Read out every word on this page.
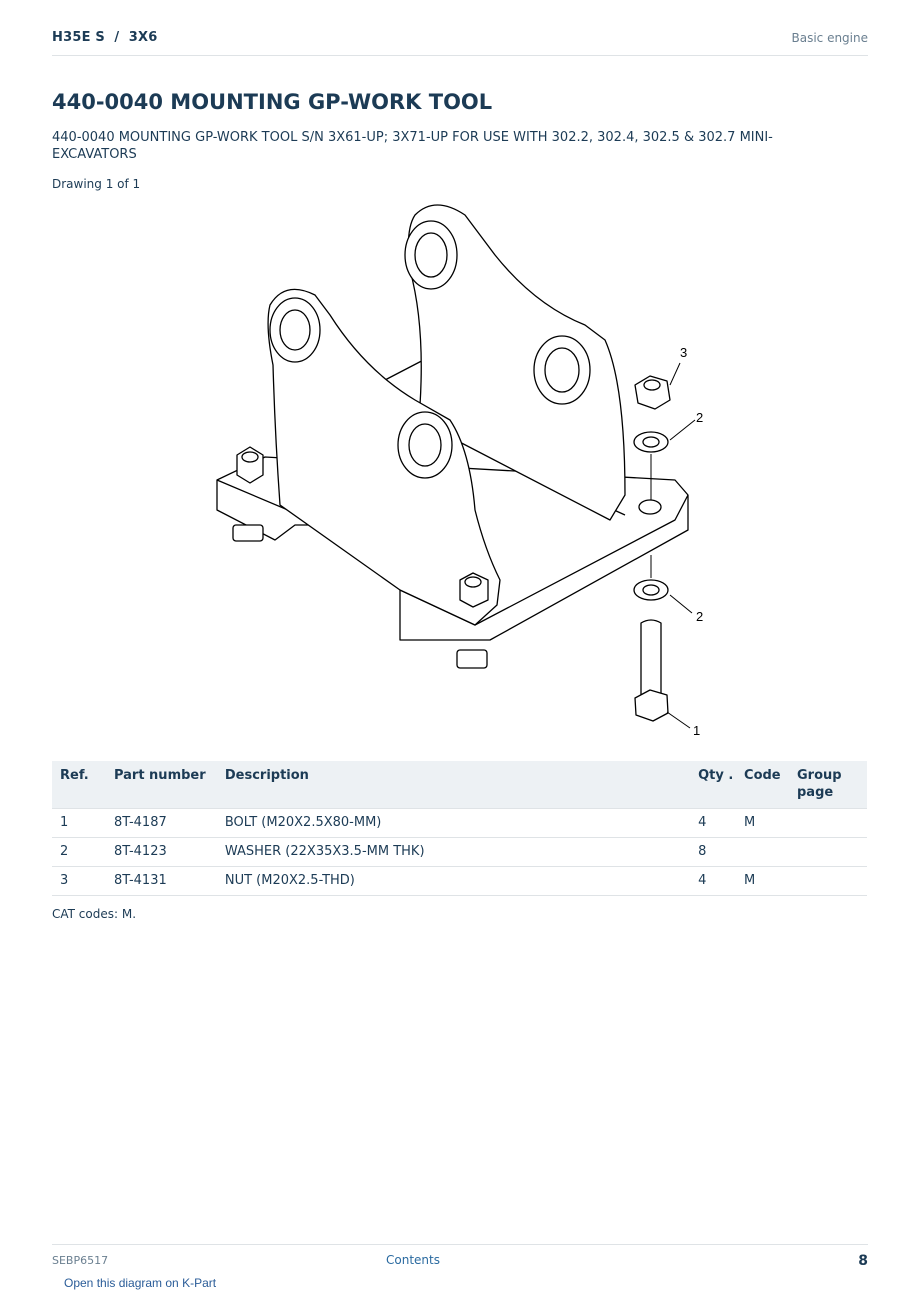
H35E S  /  3X6	Basic engine
440-0040 MOUNTING GP-WORK TOOL
440-0040 MOUNTING GP-WORK TOOL S/N 3X61-UP; 3X71-UP FOR USE WITH 302.2, 302.4, 302.5 & 302.7 MINI-EXCAVATORS
Drawing 1 of 1
3
2
2
1
Ref.	Part number	Description	Qty .	Code	Group page
1	8T-4187	BOLT (M20X2.5X80-MM)	4	M	
2	8T-4123	WASHER (22X35X3.5-MM THK)	8		
3	8T-4131	NUT (M20X2.5-THD)	4	M	
CAT codes: M.
SEBP6517	Contents	8
Open this diagram on K-Part
